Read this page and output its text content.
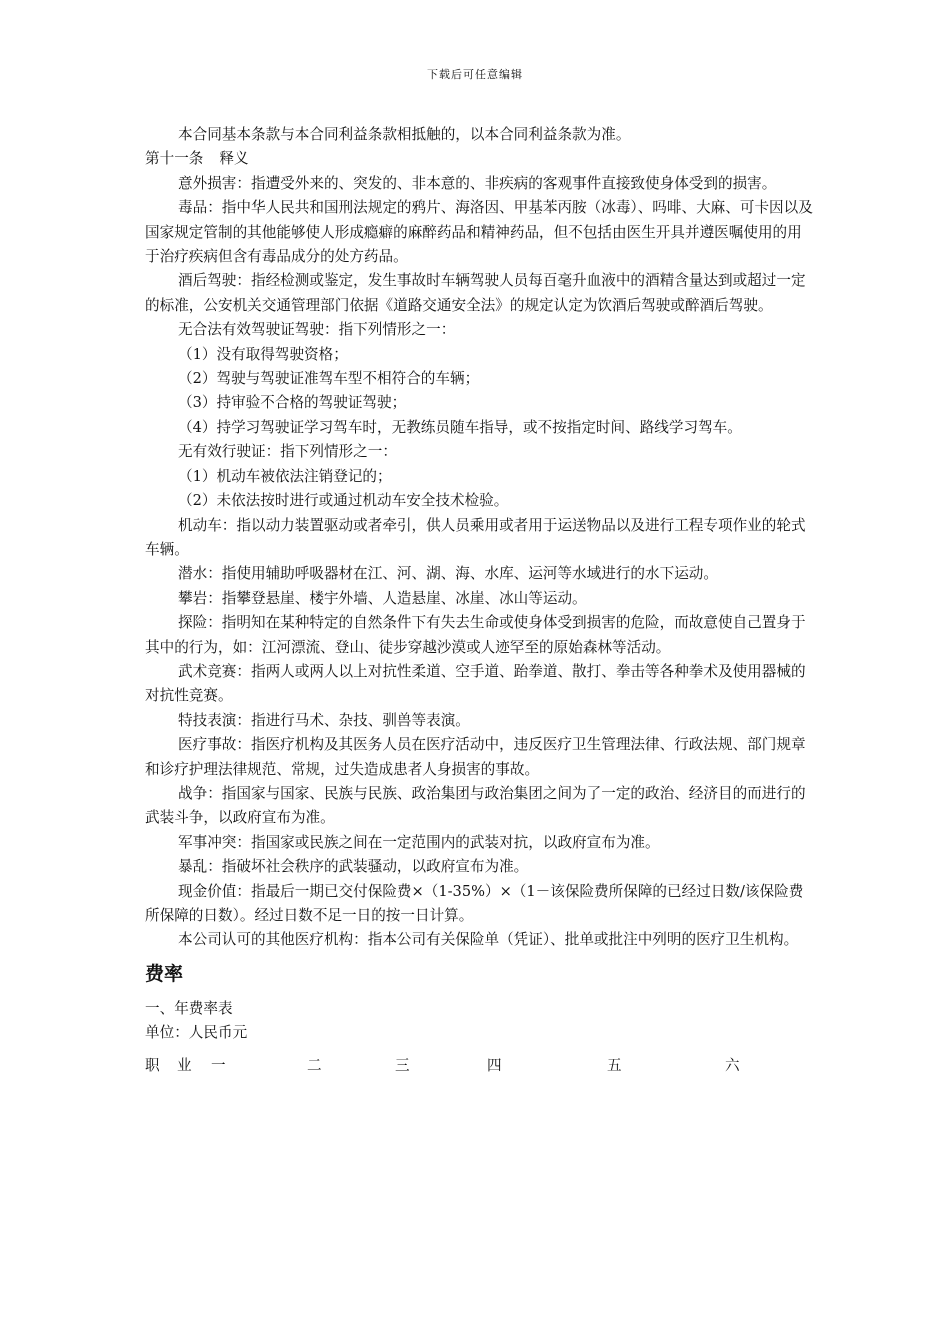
下载后可任意编辑

本合同基本条款与本合同利益条款相抵触的，以本合同利益条款为准。

第十一条 释义

意外损害：指遭受外来的、突发的、非本意的、非疾病的客观事件直接致使身体受到的损害。

毒品：指中华人民共和国刑法规定的鸦片、海洛因、甲基苯丙胺（冰毒）、吗啡、大麻、可卡因以及国家规定管制的其他能够使人形成瘾癖的麻醉药品和精神药品，但不包括由医生开具并遵医嘱使用的用于治疗疾病但含有毒品成分的处方药品。

酒后驾驶：指经检测或鉴定，发生事故时车辆驾驶人员每百毫升血液中的酒精含量达到或超过一定的标准，公安机关交通管理部门依据《道路交通安全法》的规定认定为饮酒后驾驶或醉酒后驾驶。

无合法有效驾驶证驾驶：指下列情形之一：

（1）没有取得驾驶资格；

（2）驾驶与驾驶证准驾车型不相符合的车辆；

（3）持审验不合格的驾驶证驾驶；

（4）持学习驾驶证学习驾车时，无教练员随车指导，或不按指定时间、路线学习驾车。

无有效行驶证：指下列情形之一：

（1）机动车被依法注销登记的；

（2）未依法按时进行或通过机动车安全技术检验。

机动车：指以动力装置驱动或者牵引，供人员乘用或者用于运送物品以及进行工程专项作业的轮式车辆。

潜水：指使用辅助呼吸器材在江、河、湖、海、水库、运河等水域进行的水下运动。

攀岩：指攀登悬崖、楼宇外墙、人造悬崖、冰崖、冰山等运动。

探险：指明知在某种特定的自然条件下有失去生命或使身体受到损害的危险，而故意使自己置身于其中的行为，如：江河漂流、登山、徒步穿越沙漠或人迹罕至的原始森林等活动。

武术竞赛：指两人或两人以上对抗性柔道、空手道、跆拳道、散打、拳击等各种拳术及使用器械的对抗性竞赛。

特技表演：指进行马术、杂技、驯兽等表演。

医疗事故：指医疗机构及其医务人员在医疗活动中，违反医疗卫生管理法律、行政法规、部门规章和诊疗护理法律规范、常规，过失造成患者人身损害的事故。

战争：指国家与国家、民族与民族、政治集团与政治集团之间为了一定的政治、经济目的而进行的武装斗争，以政府宣布为准。

军事冲突：指国家或民族之间在一定范围内的武装对抗，以政府宣布为准。

暴乱：指破坏社会秩序的武装骚动，以政府宣布为准。

现金价值：指最后一期已交付保险费×（1-35%）×（1－该保险费所保障的已经过日数/该保险费所保障的日数）。经过日数不足一日的按一日计算。

本公司认可的其他医疗机构：指本公司有关保险单（凭证）、批单或批注中列明的医疗卫生机构。

费率

一、年费率表

单位：人民币元

职 业 一	二	三	四	五	六
